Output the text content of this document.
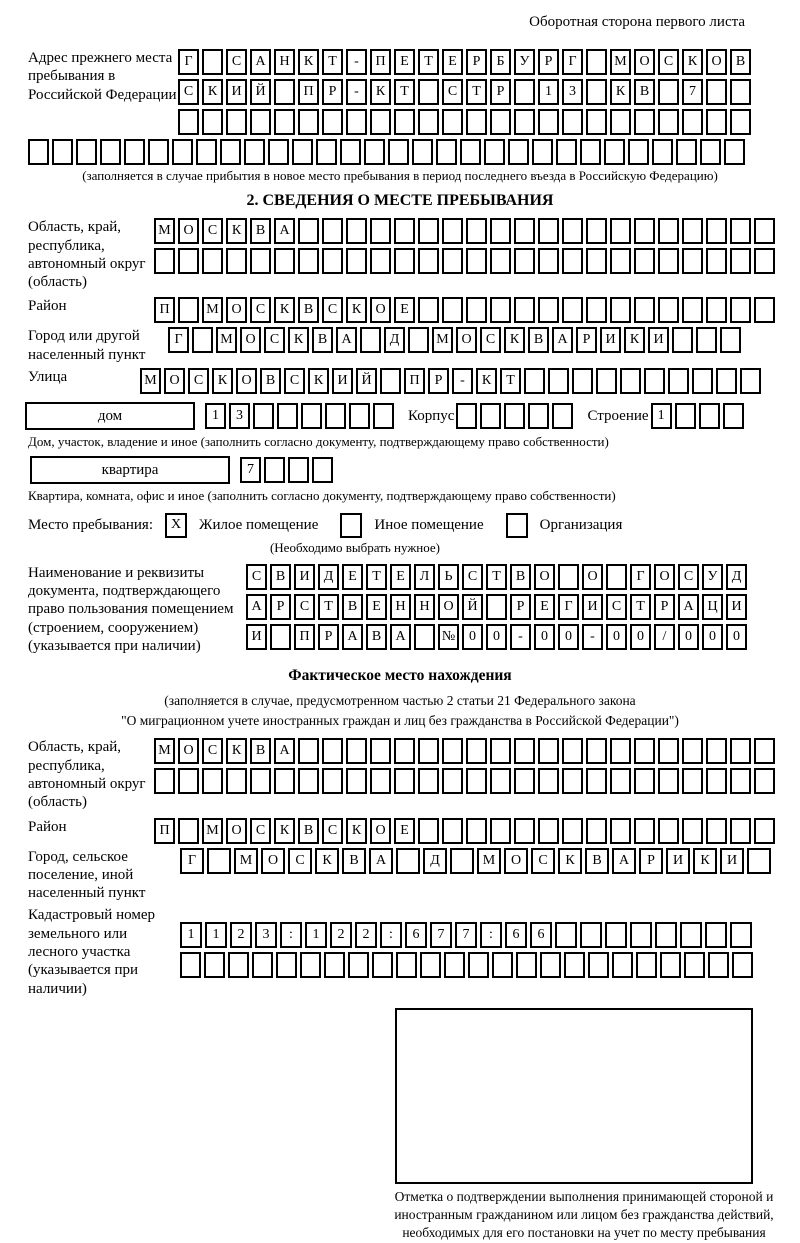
Оборотная сторона первого листа
Адрес прежнего места пребывания в Российской Федерации
Г	С	А Н	К	Т	-	П	Е	Т	Е	Р	Б	У	Р	Г	М О	С	К	О	В
С	К	И Й	П	Р	-	К	Т	С	Т	Р	1	3	К	В	7
(заполняется в случае прибытия в новое место пребывания в период последнего въезда в Российскую Федерацию)
2. СВЕДЕНИЯ О МЕСТЕ ПРЕБЫВАНИЯ
Область, край, республика, автономный округ (область)
М О	С	К	В	А
Район	П	М О	С	К	В	С	К	О	Е
Город или другой населенный пункт
Г	М О	С	К	В	А	Д	М О	С	К	В	А	Р	И	К	И
Улица	М О	С	К	О	В	С	К	И Й	П	Р	-	К	Т
дом	1	3	Корпус	Строение 1
Дом, участок, владение и иное (заполнить согласно документу, подтверждающему право собственности)
квартира	7
Квартира, комната, офис и иное (заполнить согласно документу, подтверждающему право собственности)
Место пребывания:	X	Жилое помещение	Иное помещение	Организация
(Необходимо выбрать нужное)
Наименование и реквизиты документа, подтверждающего право пользования помещением (строением, сооружением) (указывается при наличии)
С	В	И	Д	Е	Т	Е	Л	Ь	С	Т	В	О	О	Г	О	С	У	Д
А	Р	С	Т	В	Е	Н Н О Й	Р	Е	Г	И	С	Т	Р	А Ц И
И	П	Р	А	В	А	№ 0	0	-	0	0	-	0	0	/	0	0	0
Фактическое место нахождения
(заполняется в случае, предусмотренном частью 2 статьи 21 Федерального закона
"О миграционном учете иностранных граждан и лиц без гражданства в Российской Федерации")
Область, край, республика, автономный округ (область)
М О	С	К	В	А
Район	П	М О	С	К	В	С	К	О	Е
Город, сельское поселение, иной населенный пункт
Г	М	О	С	К	В	А	Д	М	О	С	К	В	А	Р	И	К	И
Кадастровый номер земельного или лесного участка (указывается при наличии)
1	1	2	3	:	1	2	2	:	6	7	7	:	6	6
Отметка о подтверждении выполнения принимающей стороной и иностранным гражданином или лицом без гражданства действий, необходимых для его постановки на учет по месту пребывания
